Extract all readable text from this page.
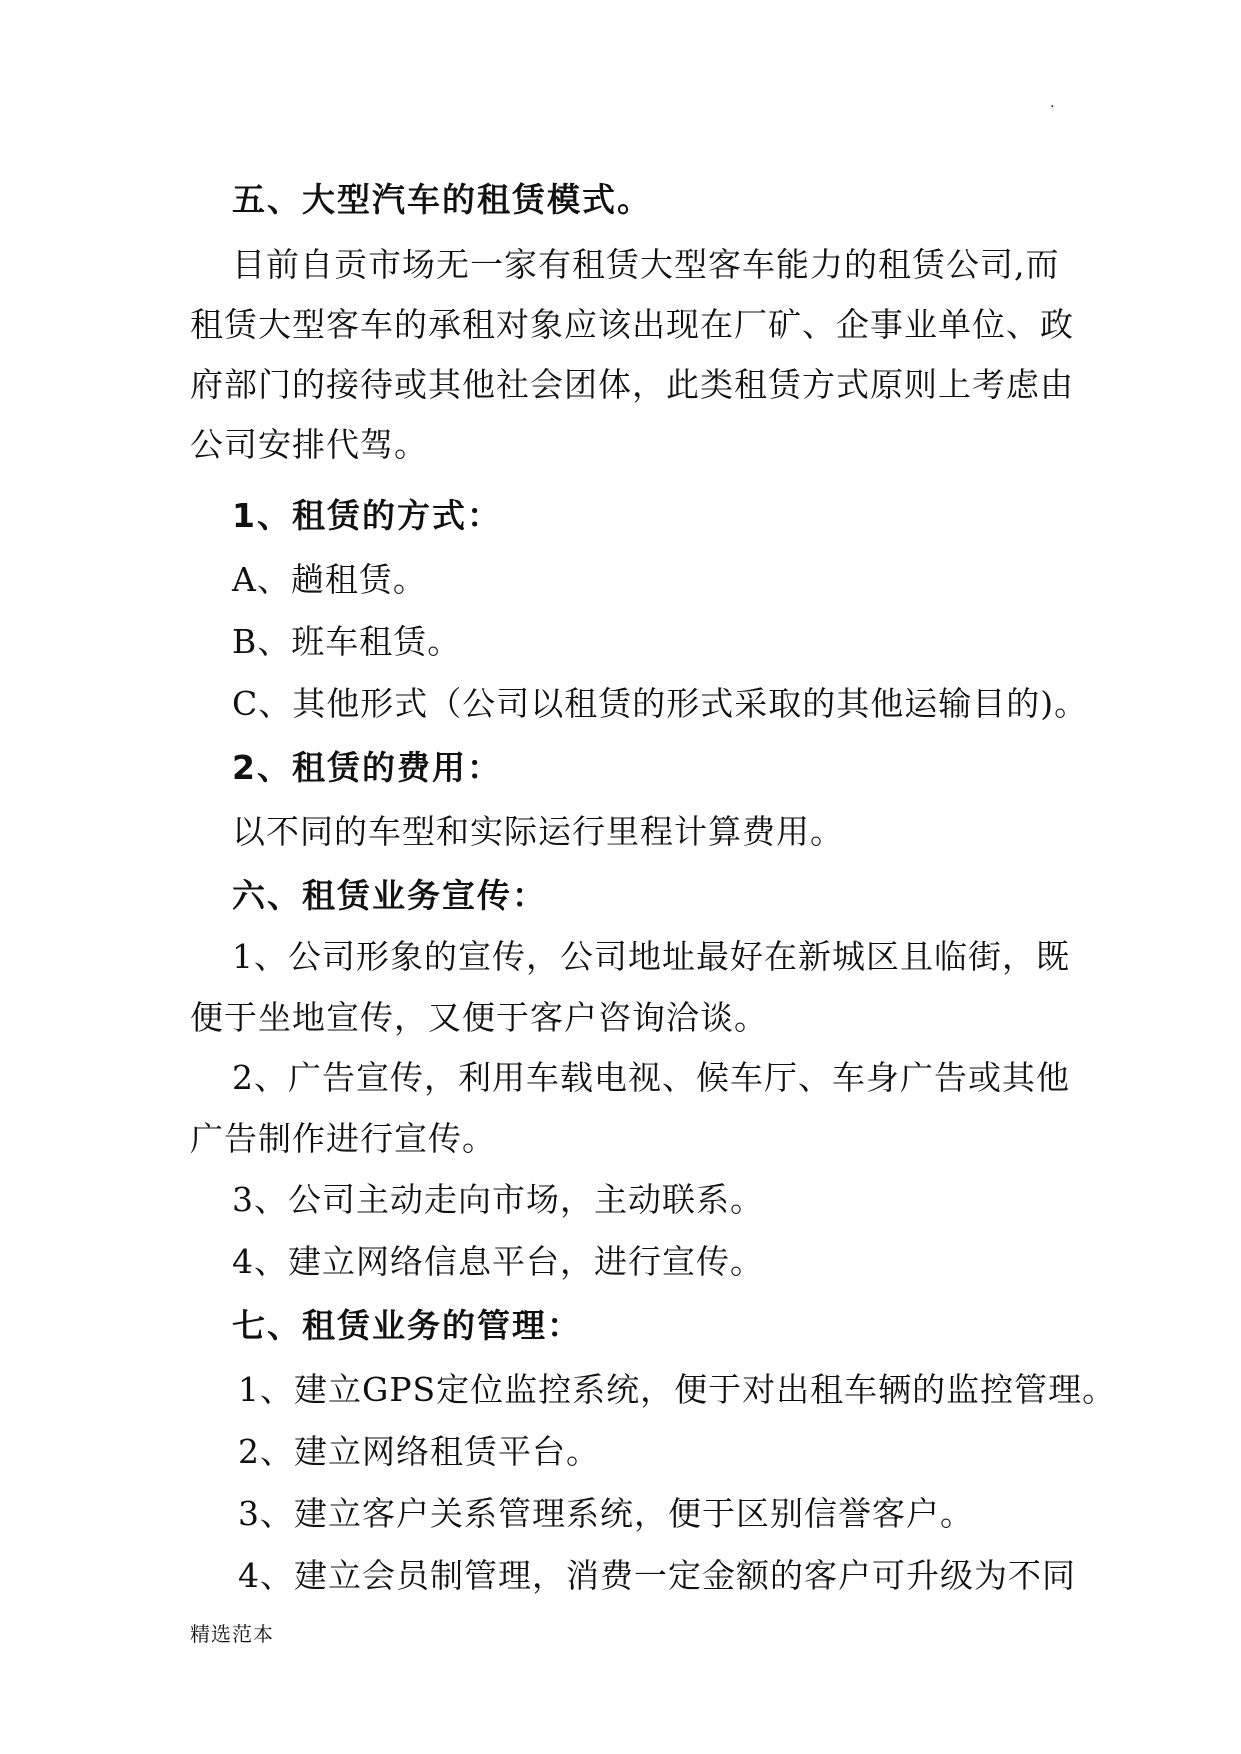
.
五、大型汽车的租赁模式。
目前自贡市场无一家有租赁大型客车能力的租赁公司,而
租赁大型客车的承租对象应该出现在厂矿、企事业单位、政
府部门的接待或其他社会团体，此类租赁方式原则上考虑由
公司安排代驾。
1、租赁的方式：
A、趟租赁。
B、班车租赁。
C、其他形式（公司以租赁的形式采取的其他运输目的)。
2、租赁的费用：
以不同的车型和实际运行里程计算费用。
六、租赁业务宣传：
1、公司形象的宣传，公司地址最好在新城区且临街，既
便于坐地宣传，又便于客户咨询洽谈。
2、广告宣传，利用车载电视、候车厅、车身广告或其他
广告制作进行宣传。
3、公司主动走向市场，主动联系。
4、建立网络信息平台，进行宣传。
七、租赁业务的管理：
1、建立GPS定位监控系统，便于对出租车辆的监控管理。
2、建立网络租赁平台。
3、建立客户关系管理系统，便于区别信誉客户。
4、建立会员制管理，消费一定金额的客户可升级为不同
精选范本
